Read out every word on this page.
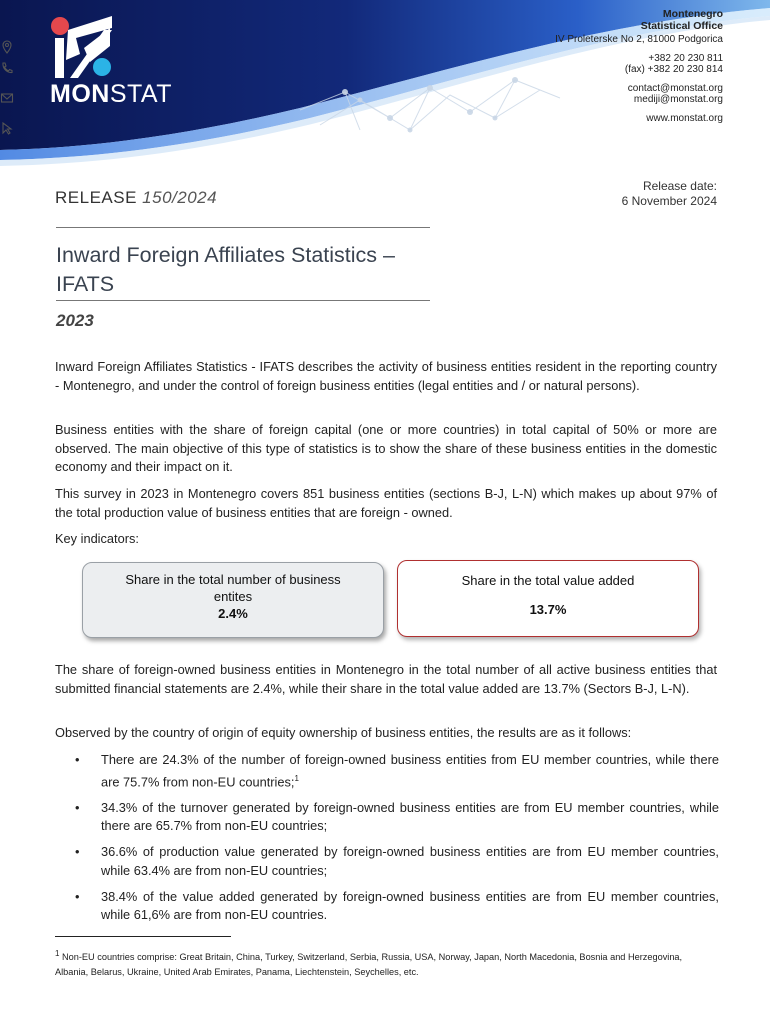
MONSTAT
Montenegro
Statistical Office
IV Proleterske No 2, 81000 Podgorica
+382 20 230 811
(fax) +382 20 230 814
contact@monstat.org
mediji@monstat.org
www.monstat.org
RELEASE 150/2024
Release date:
6 November 2024
Inward Foreign Affiliates Statistics –
IFATS
2023
Inward Foreign Affiliates Statistics - IFATS describes the activity of business entities resident in the reporting country - Montenegro, and under the control of foreign business entities (legal entities and / or natural persons).
Business entities with the share of foreign capital (one or more countries) in total capital of 50% or more are observed. The main objective of this type of statistics is to show the share of these business entities in the domestic economy and their impact on it.
This survey in 2023 in Montenegro covers 851 business entities (sections B-J, L-N) which makes up about 97% of the total production value of business entities that are foreign - owned.
Key indicators:
Share in the total number of business entites
2.4%
Share in the total value added
13.7%
The share of foreign-owned business entities in Montenegro in the total number of all active business entities that submitted financial statements are 2.4%, while their share in the total value added are 13.7% (Sectors B-J, L-N).
Observed by the country of origin of equity ownership of business entities, the results are as it follows:
• There are 24.3% of the number of foreign-owned business entities from EU member countries, while there are 75.7% from non-EU countries;$^1$
• 34.3% of the turnover generated by foreign-owned business entities are from EU member countries, while there are 65.7% from non-EU countries;
• 36.6% of production value generated by foreign-owned business entities are from EU member countries, while 63.4% are from non-EU countries;
• 38.4% of the value added generated by foreign-owned business entities are from EU member countries, while 61,6% are from non-EU countries.
$^1$ Non-EU countries comprise: Great Britain, China, Turkey, Switzerland, Serbia, Russia, USA, Norway, Japan, North Macedonia, Bosnia and Herzegovina, Albania, Belarus, Ukraine, United Arab Emirates, Panama, Liechtenstein, Seychelles, etc.
